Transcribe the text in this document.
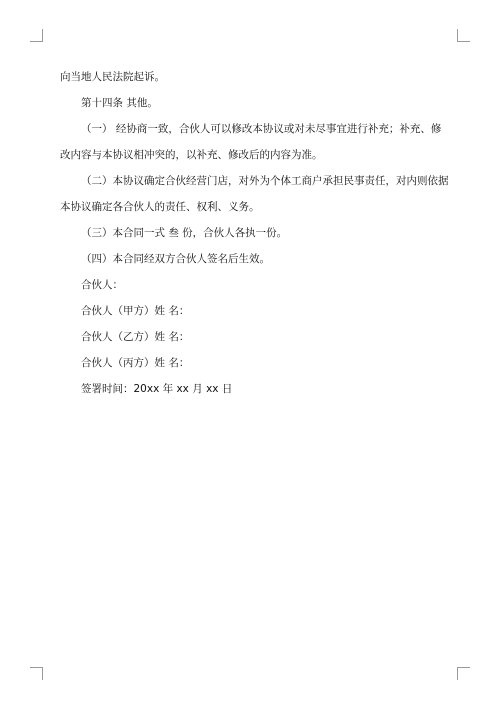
向当地人民法院起诉。

第十四条 其他。

（一） 经协商一致，合伙人可以修改本协议或对未尽事宜进行补充；补充、修改内容与本协议相冲突的，以补充、修改后的内容为准。

（二）本协议确定合伙经营门店，对外为个体工商户承担民事责任，对内则依据本协议确定各合伙人的责任、权利、义务。

（三）本合同一式 叁 份，合伙人各执一份。

（四）本合同经双方合伙人签名后生效。

合伙人：

合伙人（甲方）姓 名：

合伙人（乙方）姓 名：

合伙人（丙方）姓 名：

签署时间：20xx 年 xx 月 xx 日
